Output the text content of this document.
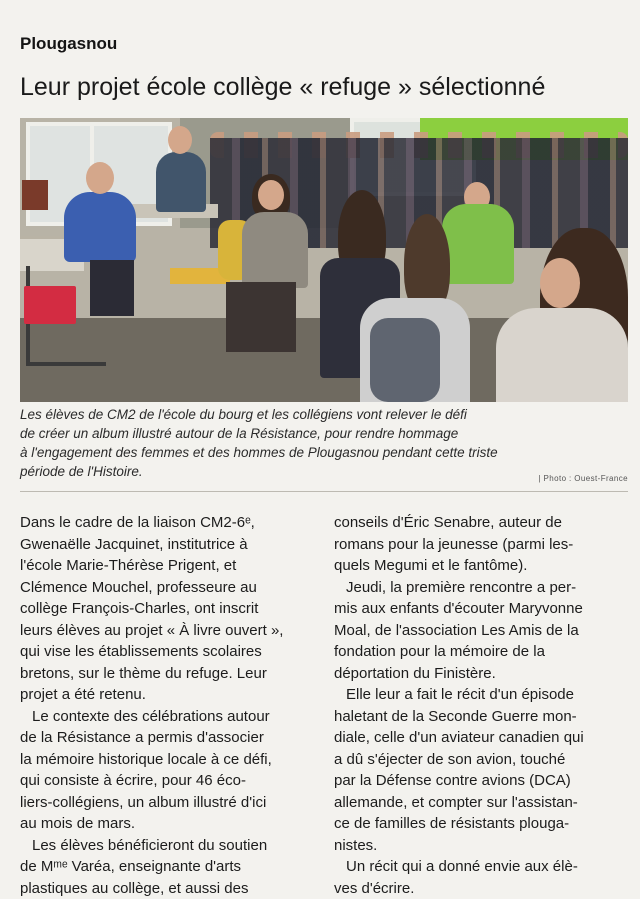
Plougasnou
Leur projet école collège « refuge » sélectionné
Les élèves de CM2 de l'école du bourg et les collégiens vont relever le défi
de créer un album illustré autour de la Résistance, pour rendre hommage
à l'engagement des femmes et des hommes de Plougasnou pendant cette triste
période de l'Histoire.	| Photo : Ouest-France
Dans le cadre de la liaison CM2-6ᵉ,
Gwenaëlle Jacquinet, institutrice à
l'école Marie-Thérèse Prigent, et
Clémence Mouchel, professeure au
collège François-Charles, ont inscrit
leurs élèves au projet « À livre ouvert »,
qui vise les établissements scolaires
bretons, sur le thème du refuge. Leur
projet a été retenu.
Le contexte des célébrations autour
de la Résistance a permis d'associer
la mémoire historique locale à ce défi,
qui consiste à écrire, pour 46 éco-
liers-collégiens, un album illustré d'ici
au mois de mars.
Les élèves bénéficieront du soutien
de Mᵐᵉ Varéa, enseignante d'arts
plastiques au collège, et aussi des
conseils d'Éric Senabre, auteur de
romans pour la jeunesse (parmi les-
quels Megumi et le fantôme).
Jeudi, la première rencontre a per-
mis aux enfants d'écouter Maryvonne
Moal, de l'association Les Amis de la
fondation pour la mémoire de la
déportation du Finistère.
Elle leur a fait le récit d'un épisode
haletant de la Seconde Guerre mon-
diale, celle d'un aviateur canadien qui
a dû s'éjecter de son avion, touché
par la Défense contre avions (DCA)
allemande, et compter sur l'assistan-
ce de familles de résistants plouga-
nistes.
Un récit qui a donné envie aux élè-
ves d'écrire.
